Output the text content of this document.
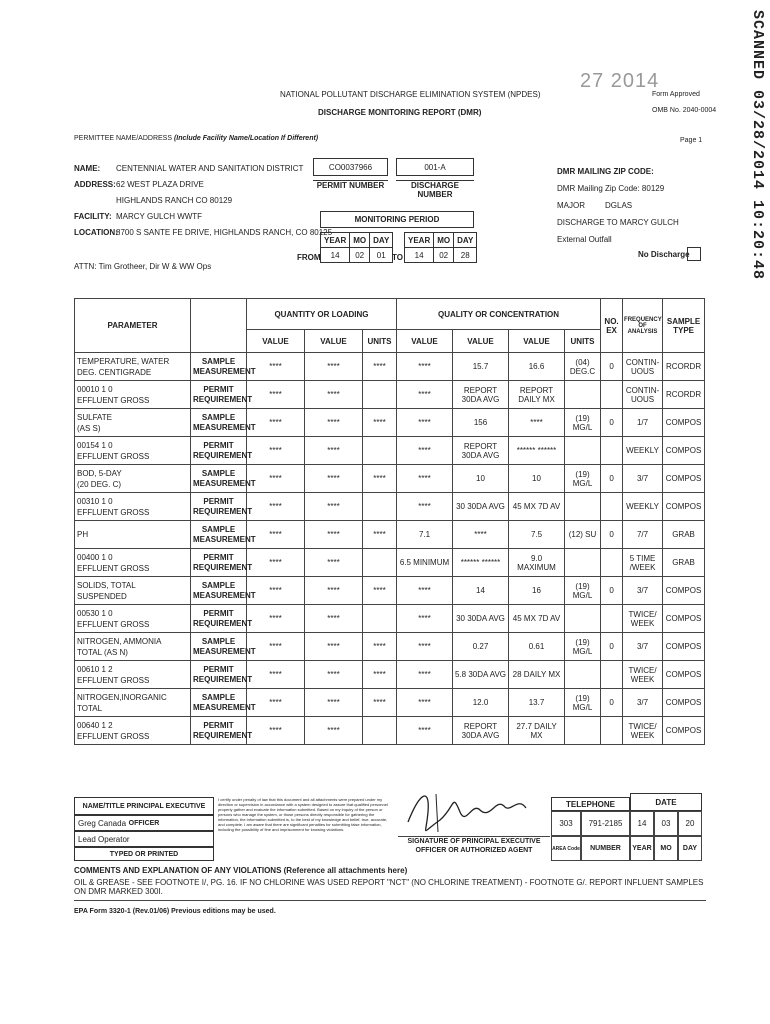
SCANNED 03/28/2014 10:20:48
27 2014
NATIONAL POLLUTANT DISCHARGE ELIMINATION SYSTEM (NPDES)
DISCHARGE MONITORING REPORT (DMR)
Form Approved
OMB No. 2040-0004
Page 1
PERMITTEE NAME/ADDRESS (Include Facility Name/Location If Different)
NAME: CENTENNIAL WATER AND SANITATION DISTRICT
ADDRESS:62 WEST PLAZA DRIVE
HIGHLANDS RANCH CO 80129
FACILITY: MARCY GULCH WWTF
LOCATION:8700 S SANTE FE DRIVE, HIGHLANDS RANCH, CO 80125
ATTN: Tim Grotheer, Dir W & WW Ops
CO0037966
PERMIT NUMBER
001-A
DISCHARGE NUMBER
MONITORING PERIOD
FROM
YEAR	MO	DAY
14	02	01 TO
YEAR	MO	DAY
14	02	28
DMR MAILING ZIP CODE:
DMR Mailing Zip Code: 80129
MAJOR	DGLAS
DISCHARGE TO MARCY GULCH
External Outfall
No Discharge
PARAMETER		QUANTITY OR LOADING			QUALITY OR CONCENTRATION				NO. EX	FREQUENCY OF ANALYSIS	SAMPLE TYPE
		VALUE	VALUE	UNITS	VALUE	VALUE	VALUE	UNITS			

TEMPERATURE, WATER
DEG. CENTIGRADE	SAMPLE MEASUREMENT	****	****	****	****	15.7	16.6	(04) DEG.C	0	CONTIN- UOUS	RCORDR

00010 1 0
EFFLUENT GROSS	PERMIT REQUIREMENT	****	****		****	REPORT 30DA AVG	REPORT DAILY MX			CONTIN- UOUS	RCORDR

SULFATE
(AS S)	SAMPLE MEASUREMENT	****	****	****	****	156	****	(19) MG/L	0	1/7	COMPOS

00154 1 0
EFFLUENT GROSS	PERMIT REQUIREMENT	****	****		****	REPORT 30DA AVG	****** ******			WEEKLY	COMPOS

BOD, 5-DAY
(20 DEG. C)	SAMPLE MEASUREMENT	****	****	****	****	10	10	(19) MG/L	0	3/7	COMPOS

00310 1 0
EFFLUENT GROSS	PERMIT REQUIREMENT	****	****		****	30 30DA AVG	45 MX 7D AV			WEEKLY	COMPOS

PH	SAMPLE MEASUREMENT	****	****	****	7.1	****	7.5	(12) SU	0	7/7	GRAB

00400 1 0
EFFLUENT GROSS	PERMIT REQUIREMENT	****	****		6.5 MINIMUM	****** ******	9.0 MAXIMUM			5 TIME /WEEK	GRAB

SOLIDS, TOTAL
SUSPENDED	SAMPLE MEASUREMENT	****	****	****	****	14	16	(19) MG/L	0	3/7	COMPOS

00530 1 0
EFFLUENT GROSS	PERMIT REQUIREMENT	****	****		****	30 30DA AVG	45 MX 7D AV			TWICE/ WEEK	COMPOS

NITROGEN, AMMONIA
TOTAL (AS N)	SAMPLE MEASUREMENT	****	****	****	****	0.27	0.61	(19) MG/L	0	3/7	COMPOS

00610 1 2
EFFLUENT GROSS	PERMIT REQUIREMENT	****	****	****	****	5.8 30DA AVG	28 DAILY MX			TWICE/ WEEK	COMPOS

NITROGEN,INORGANIC
TOTAL	SAMPLE MEASUREMENT	****	****	****	****	12.0	13.7	(19) MG/L	0	3/7	COMPOS

00640 1 2
EFFLUENT GROSS	PERMIT REQUIREMENT	****	****		****	REPORT 30DA AVG	27.7 DAILY MX			TWICE/ WEEK	COMPOS
NAME/TITLE PRINCIPAL EXECUTIVE OFFICER
Greg Canada
Lead Operator
TYPED OR PRINTED
I certify under penalty of law that this document and all attachments were prepared under my direction or supervision in accordance with a system designed to assure that qualified personnel properly gather and evaluate the information submitted. Based on my inquiry of the person or persons who manage the system, or those persons directly responsible for gathering the information, the information submitted is, to the best of my knowledge and belief, true, accurate, and complete. I am aware that there are significant penalties for submitting false information, including the possibility of fine and imprisonment for knowing violations.
SIGNATURE OF PRINCIPAL EXECUTIVE OFFICER OR AUTHORIZED AGENT
TELEPHONE	DATE
303	791-2185	14	03	20
AREA Code	NUMBER	YEAR	MO	DAY
COMMENTS AND EXPLANATION OF ANY VIOLATIONS (Reference all attachments here)
OIL & GREASE - SEE FOOTNOTE I/, PG. 16. IF NO CHLORINE WAS USED REPORT "NCT" (NO CHLORINE TREATMENT) - FOOTNOTE G/. REPORT INFLUENT SAMPLES ON DMR MARKED 300I.
EPA Form 3320-1 (Rev.01/06) Previous editions may be used.
